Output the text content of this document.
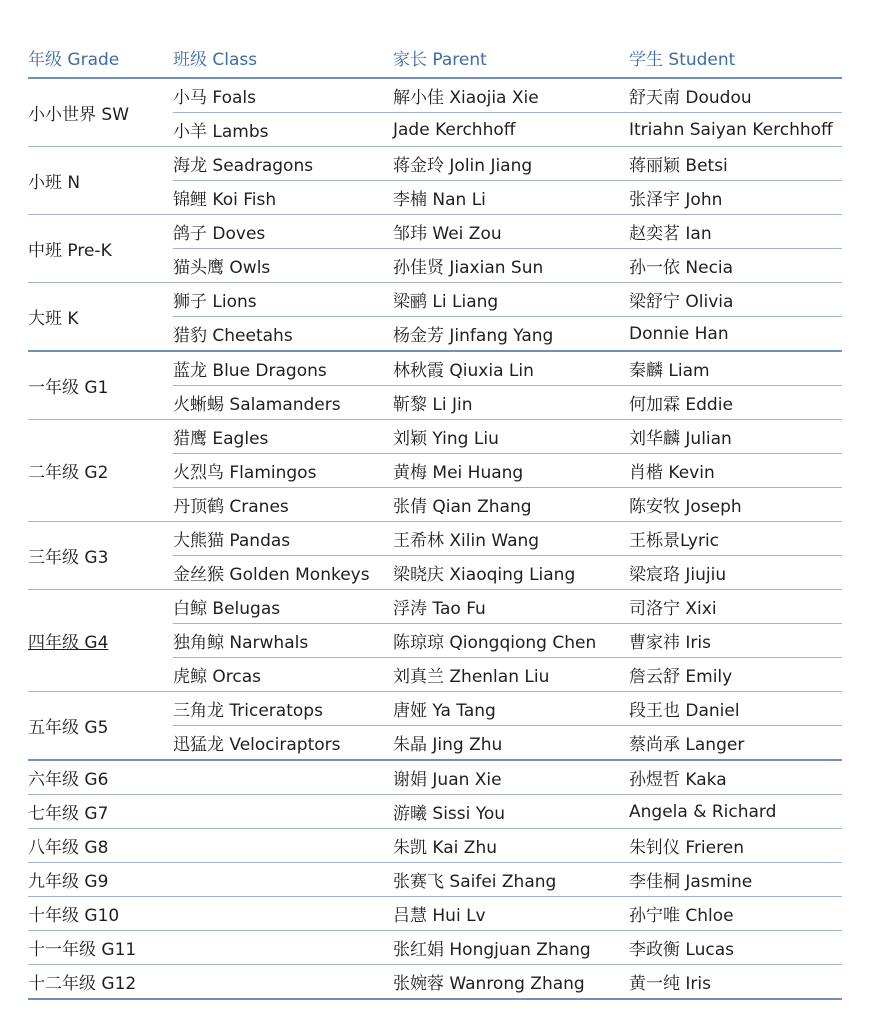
年级 Grade	班级 Class	家长 Parent	学生 Student
小小世界 SW	小马 Foals	解小佳 Xiaojia Xie	舒天南 Doudou
	小羊 Lambs	Jade Kerchhoff	Itriahn Saiyan Kerchhoff
小班 N	海龙 Seadragons	蒋金玲 Jolin Jiang	蒋丽颖 Betsi
	锦鲤 Koi Fish	李楠 Nan Li	张泽宇 John
中班 Pre-K	鸽子 Doves	邹玮 Wei Zou	赵奕茗 Ian
	猫头鹰 Owls	孙佳贤 Jiaxian Sun	孙一依 Necia
大班 K	狮子 Lions	梁鹂 Li Liang	梁舒宁 Olivia
	猎豹 Cheetahs	杨金芳 Jinfang Yang	Donnie Han
一年级 G1	蓝龙 Blue Dragons	林秋霞 Qiuxia Lin	秦麟 Liam
	火蜥蜴 Salamanders	靳黎 Li Jin	何加霖 Eddie
二年级 G2	猎鹰 Eagles	刘颖 Ying Liu	刘华麟 Julian
	火烈鸟 Flamingos	黄梅 Mei Huang	肖楷 Kevin
	丹顶鹤 Cranes	张倩 Qian Zhang	陈安牧 Joseph
三年级 G3	大熊猫 Pandas	王希林 Xilin Wang	王栎景Lyric
	金丝猴 Golden Monkeys	梁晓庆 Xiaoqing Liang	梁宸珞 Jiujiu
四年级 G4	白鲸 Belugas	浮涛 Tao Fu	司洛宁 Xixi
	独角鲸 Narwhals	陈琼琼 Qiongqiong Chen	曹家祎 Iris
	虎鲸 Orcas	刘真兰 Zhenlan Liu	詹云舒 Emily
五年级 G5	三角龙 Triceratops	唐娅 Ya Tang	段王也 Daniel
	迅猛龙 Velociraptors	朱晶 Jing Zhu	蔡尚承 Langer
六年级 G6		谢娟 Juan Xie	孙煜哲 Kaka
七年级 G7		游曦 Sissi You	Angela & Richard
八年级 G8		朱凯 Kai Zhu	朱钊仪 Frieren
九年级 G9		张赛飞 Saifei Zhang	李佳桐 Jasmine
十年级 G10		吕慧 Hui Lv	孙宁唯 Chloe
十一年级 G11		张红娟 Hongjuan Zhang	李政衡 Lucas
十二年级 G12		张婉蓉 Wanrong Zhang	黄一纯 Iris
